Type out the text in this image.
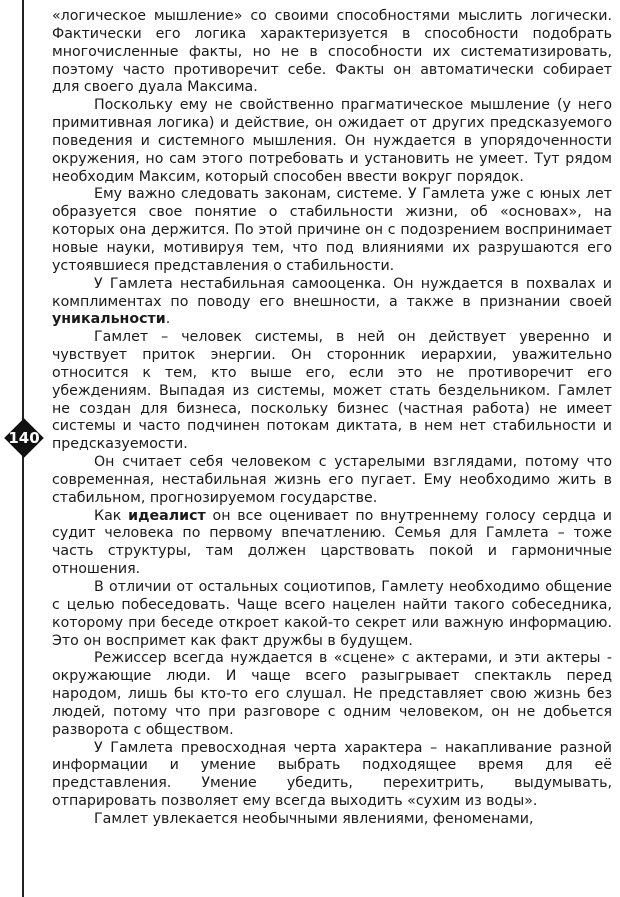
140

«логическое мышление» со своими способностями мыслить логически. Фактически его логика характеризуется в способности подобрать многочисленные факты, но не в способности их систематизировать, поэтому часто противоречит себе. Факты он автоматически собирает для своего дуала Максима.

Поскольку ему не свойственно прагматическое мышление (у него примитивная логика) и действие, он ожидает от других предсказуемого поведения и системного мышления. Он нуждается в упорядоченности окружения, но сам этого потребовать и установить не умеет. Тут рядом необходим Максим, который способен ввести вокруг порядок.

Ему важно следовать законам, системе. У Гамлета уже с юных лет образуется свое понятие о стабильности жизни, об «основах», на которых она держится. По этой причине он с подозрением воспринимает новые науки, мотивируя тем, что под влияниями их разрушаются его устоявшиеся представления о стабильности.

У Гамлета нестабильная самооценка. Он нуждается в похвалах и комплиментах по поводу его внешности, а также в признании своей уникальности.

Гамлет – человек системы, в ней он действует уверенно и чувствует приток энергии. Он сторонник иерархии, уважительно относится к тем, кто выше его, если это не противоречит его убеждениям. Выпадая из системы, может стать бездельником. Гамлет не создан для бизнеса, поскольку бизнес (частная работа) не имеет системы и часто подчинен потокам диктата, в нем нет стабильности и предсказуемости.

Он считает себя человеком с устарелыми взглядами, потому что современная, нестабильная жизнь его пугает. Ему необходимо жить в стабильном, прогнозируемом государстве.

Как идеалист он все оценивает по внутреннему голосу сердца и судит человека по первому впечатлению. Семья для Гамлета – тоже часть структуры, там должен царствовать покой и гармоничные отношения.

В отличии от остальных социотипов, Гамлету необходимо общение с целью побеседовать. Чаще всего нацелен найти такого собеседника, которому при беседе откроет какой-то секрет или важную информацию. Это он воспримет как факт дружбы в будущем.

Режиссер всегда нуждается в «сцене» с актерами, и эти актеры - окружающие люди. И чаще всего разыгрывает спектакль перед народом, лишь бы кто-то его слушал. Не представляет свою жизнь без людей, потому что при разговоре с одним человеком, он не добьется разворота с обществом.

У Гамлета превосходная черта характера – накапливание разной информации и умение выбрать подходящее время для её представления. Умение убедить, перехитрить, выдумывать, отпарировать позволяет ему всегда выходить «сухим из воды».

Гамлет увлекается необычными явлениями, феноменами,
